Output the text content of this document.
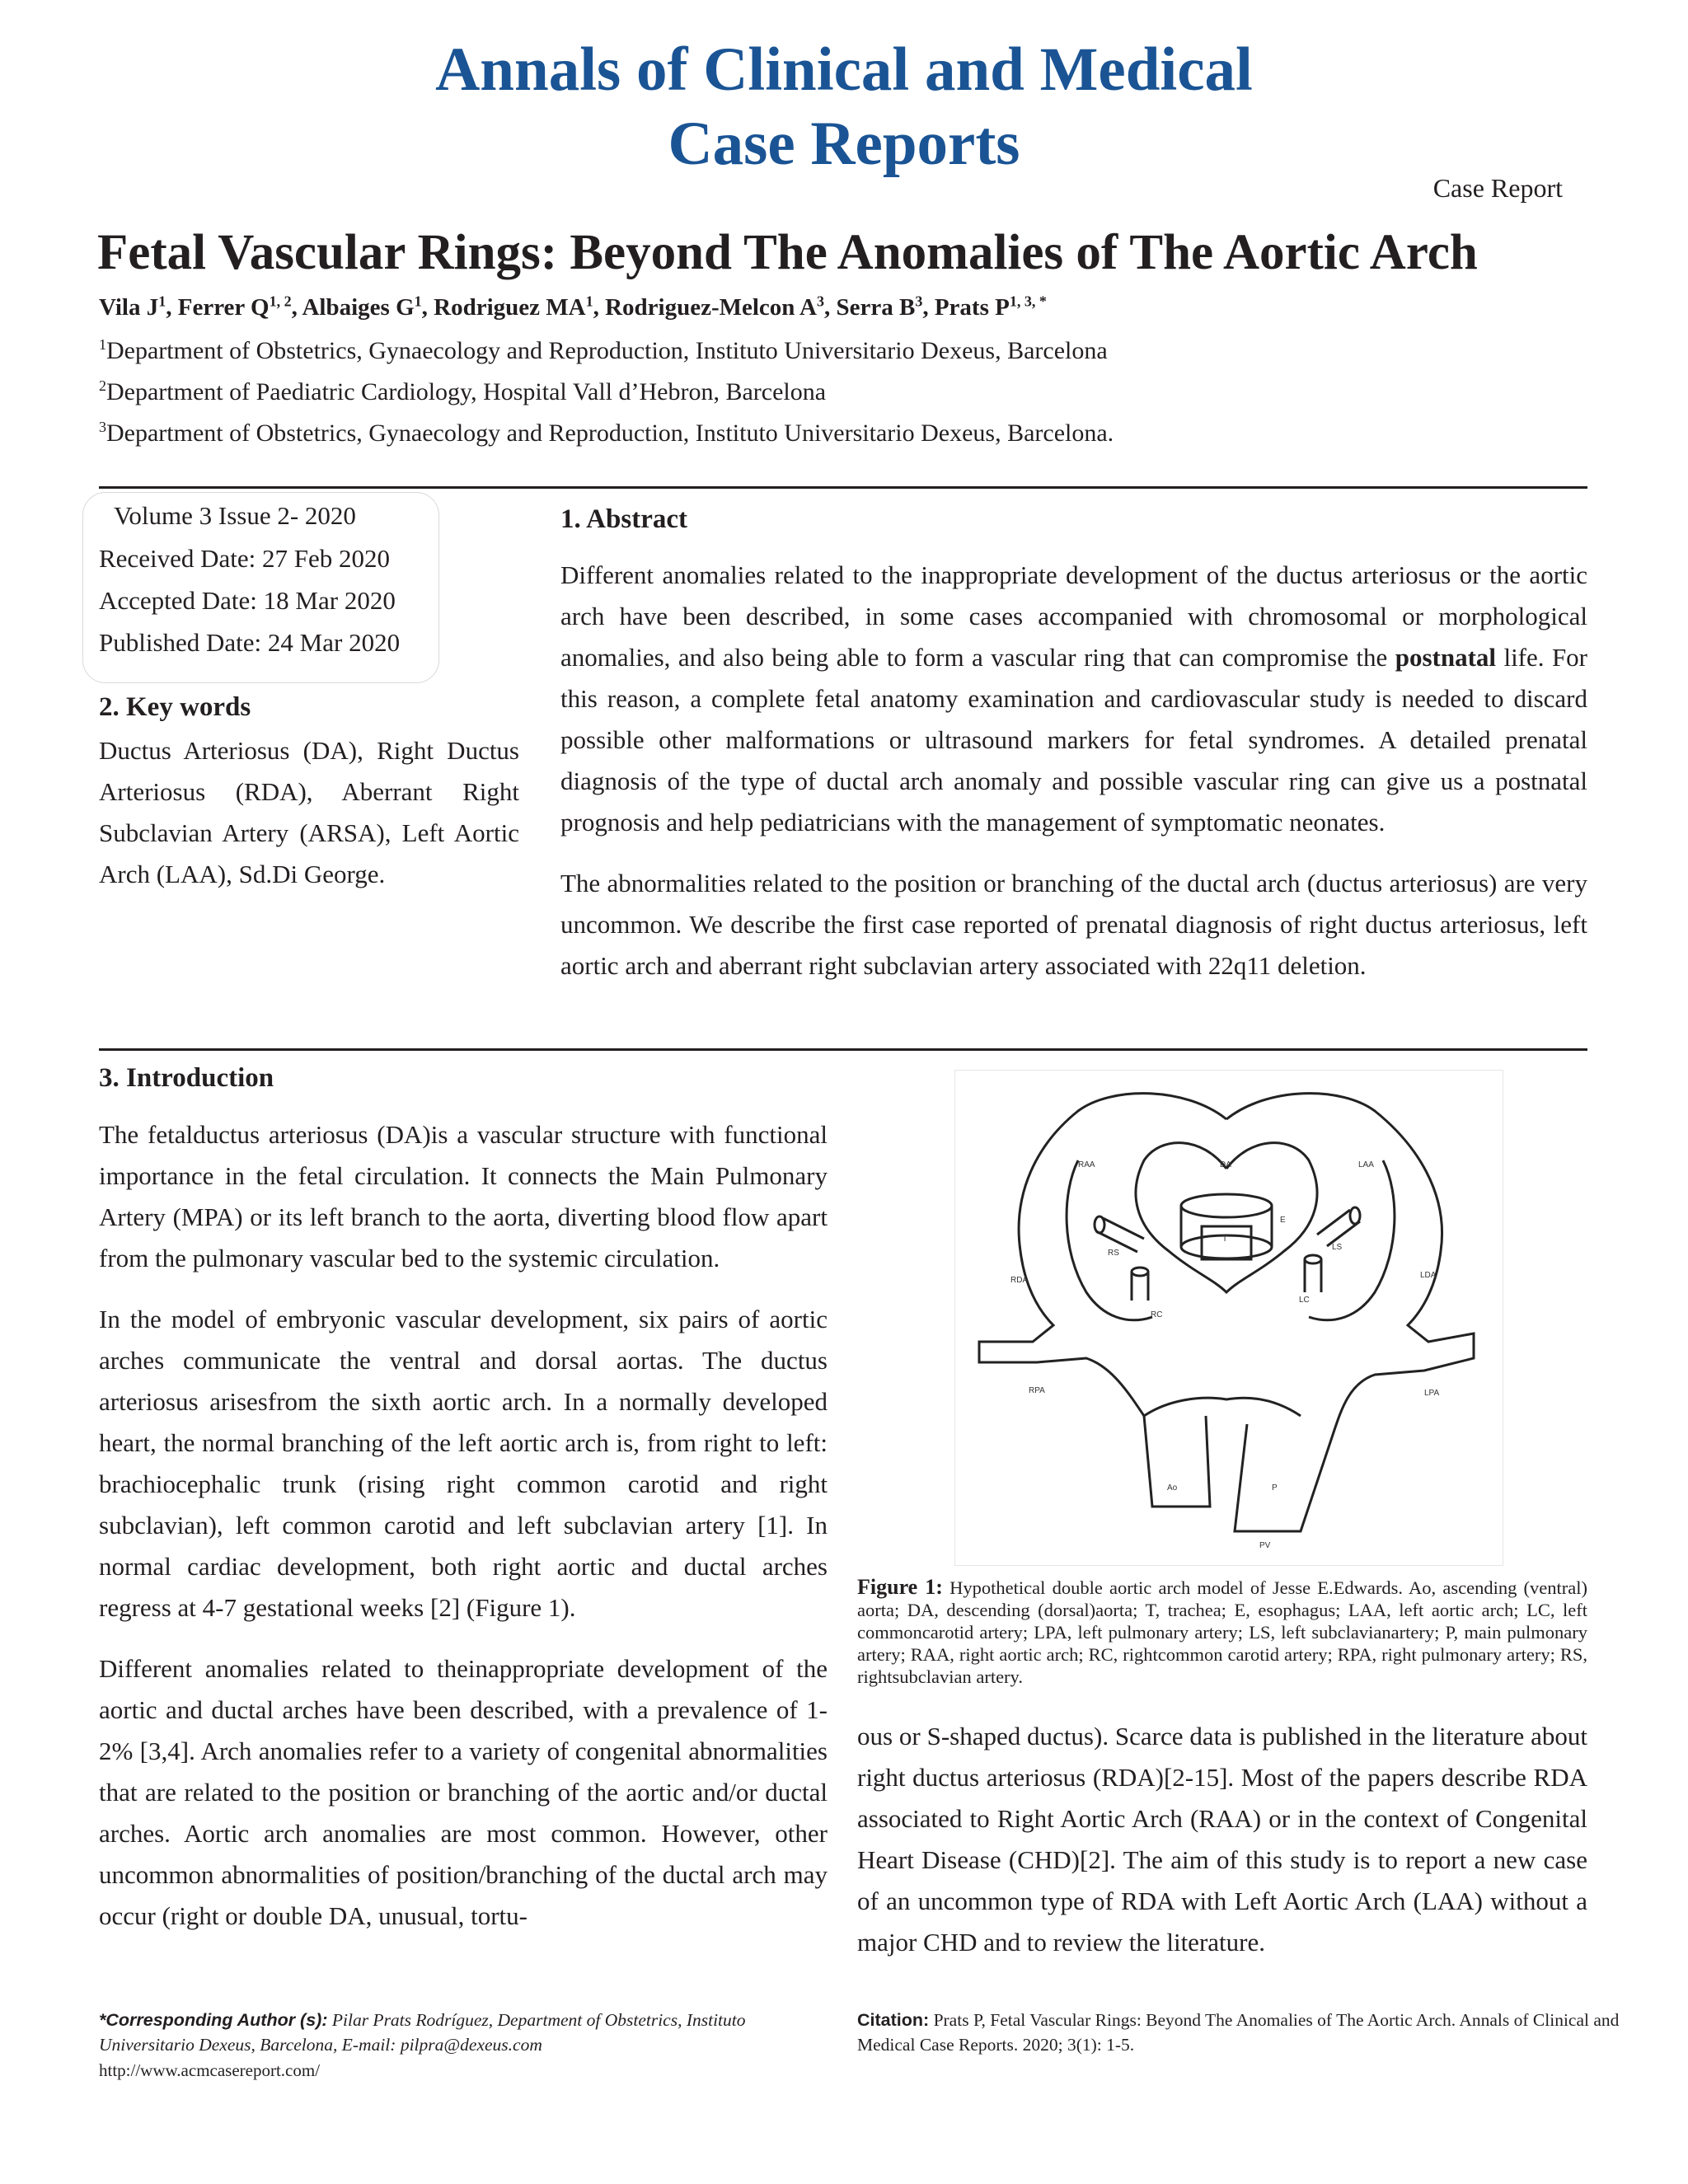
Annals of Clinical and Medical
Case Reports
Case Report
Fetal Vascular Rings: Beyond The Anomalies of The Aortic Arch
Vila $J^1$, Ferrer Q$^{1, 2}$, Albaiges $G^1$, Rodriguez $MA^1$, Rodriguez-Melcon $A^3$, Serra $B^3$, Prats $P^{1, 3, *}$
$^1$Department of Obstetrics, Gynaecology and Reproduction, Instituto Universitario Dexeus, Barcelona
$^2$Department of Paediatric Cardiology, Hospital Vall d’Hebron, Barcelona
$^3$Department of Obstetrics, Gynaecology and Reproduction, Instituto Universitario Dexeus, Barcelona.
Volume 3 Issue 2- 2020
Received Date: 27 Feb 2020
Accepted Date: 18 Mar 2020
Published Date: 24 Mar 2020
2. Key words

Ductus Arteriosus (DA), Right Ductus Arteriosus (RDA), Aberrant Right Subclavian Artery (ARSA), Left Aortic Arch (LAA), Sd.Di George.

1. Abstract

Different anomalies related to the inappropriate development of the ductus arteriosus or the aortic arch have been described, in some cases accompanied with chromosomal or morphological anomalies, and also being able to form a vascular ring that can compromise the postnatal life. For this reason, a complete fetal anatomy examination and cardiovascular study is needed to discard possible other malformations or ultrasound markers for fetal syndromes. A detailed prenatal diagnosis of the type of ductal arch anomaly and possible vascular ring can give us a postnatal prognosis and help pediatricians with the management of symptomatic neonates.

The abnormalities related to the position or branching of the ductal arch (ductus arteriosus) are very uncommon. We describe the first case reported of prenatal diagnosis of right ductus arteriosus, left aortic arch and aberrant right subclavian artery associated with 22q11 deletion.

3. Introduction

The fetalductus arteriosus (DA)is a vascular structure with functional importance in the fetal circulation. It connects the Main Pulmonary Artery (MPA) or its left branch to the aorta, diverting blood flow apart from the pulmonary vascular bed to the systemic circulation.

In the model of embryonic vascular development, six pairs of aortic arches communicate the ventral and dorsal aortas. The ductus arteriosus arisesfrom the sixth aortic arch. In a normally developed heart, the normal branching of the left aortic arch is, from right to left: brachiocephalic trunk (rising right common carotid and right subclavian), left common carotid and left subclavian artery [1]. In normal cardiac development, both right aortic and ductal arches regress at 4-7 gestational weeks [2] (Figure 1).

Different anomalies related to theinappropriate development of the aortic and ductal arches have been described, with a prevalence of 1-2% [3,4]. Arch anomalies refer to a variety of congenital abnormalities that are related to the position or branching of the aortic and/or ductal arches. Aortic arch anomalies are most common. However, other uncommon abnormalities of position/branching of the ductal arch may occur (right or double DA, unusual, tortu-

RAA	DA	LAA
T
E
RS
LS
RDA
LDA
RC
LC
RPA	LPA
Ao	P
PV
Figure 1: Hypothetical double aortic arch model of Jesse E.Edwards. Ao, ascending (ventral) aorta; DA, descending (dorsal)aorta; T, trachea; E, esophagus; LAA, left aortic arch; LC, left commoncarotid artery; LPA, left pulmonary artery; LS, left subclavianartery; P, main pulmonary artery; RAA, right aortic arch; RC, rightcommon carotid artery; RPA, right pulmonary artery; RS, rightsubclavian artery.

ous or S-shaped ductus). Scarce data is published in the literature about right ductus arteriosus (RDA)[2-15]. Most of the papers describe RDA associated to Right Aortic Arch (RAA) or in the context of Congenital Heart Disease (CHD)[2]. The aim of this study is to report a new case of an uncommon type of RDA with Left Aortic Arch (LAA) without a major CHD and to review the literature.

*Corresponding Author (s): Pilar Prats Rodríguez, Department of Obstetrics, Instituto Universitario Dexeus, Barcelona, E-mail: pilpra@dexeus.com
http://www.acmcasereport.com/
Citation: Prats P, Fetal Vascular Rings: Beyond The Anomalies of The Aortic Arch. Annals of Clinical and Medical Case Reports. 2020; 3(1): 1-5.
